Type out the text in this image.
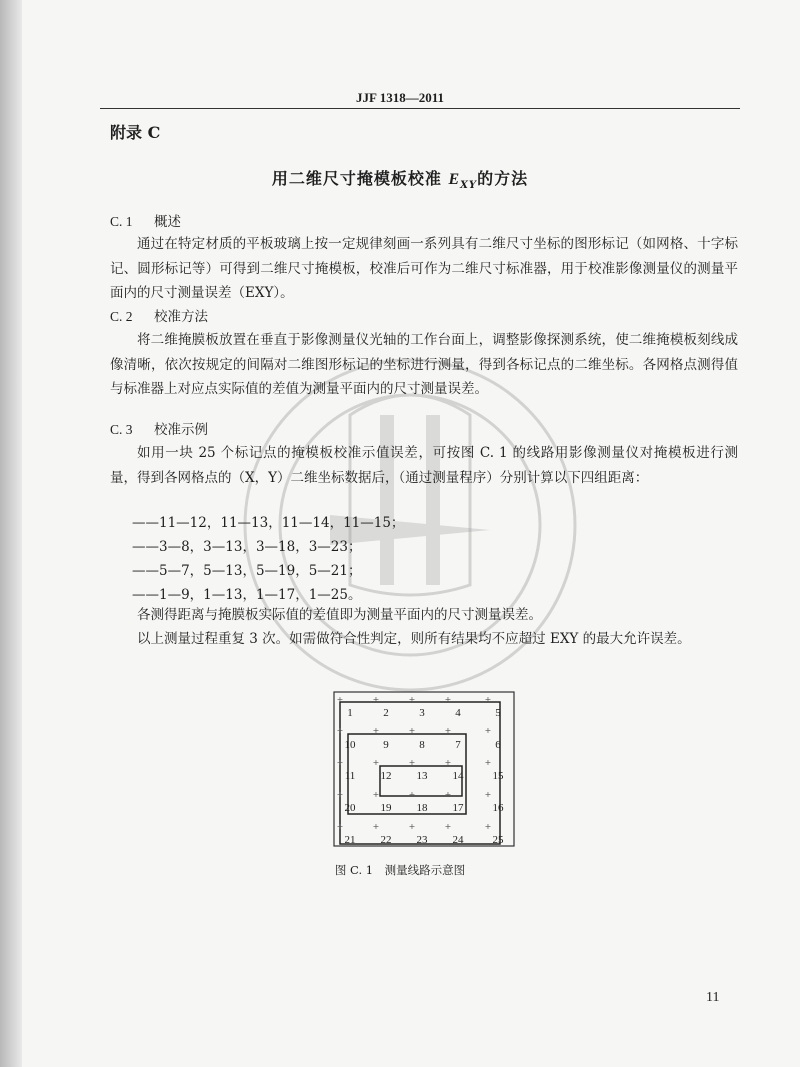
JJF 1318—2011
附录 C
用二维尺寸掩模板校准 $E_{XY}$的方法
C. 1 概述
通过在特定材质的平板玻璃上按一定规律刻画一系列具有二维尺寸坐标的图形标记（如网格、十字标记、圆形标记等）可得到二维尺寸掩模板，校准后可作为二维尺寸标准器，用于校准影像测量仪的测量平面内的尺寸测量误差（EXY）。
C. 2 校准方法
将二维掩膜板放置在垂直于影像测量仪光轴的工作台面上，调整影像探测系统，使二维掩模板刻线成像清晰，依次按规定的间隔对二维图形标记的坐标进行测量，得到各标记点的二维坐标。各网格点测得值与标准器上对应点实际值的差值为测量平面内的尺寸测量误差。
C. 3 校准示例
如用一块 25 个标记点的掩模板校准示值误差，可按图 C. 1 的线路用影像测量仪对掩模板进行测量，得到各网格点的（X，Y）二维坐标数据后，（通过测量程序）分别计算以下四组距离：
——11—12，11—13，11—14，11—15；
——3—8，3—13，3—18，3—23；
——5—7，5—13，5—19，5—21；
——1—9，1—13，1—17，1—25。
各测得距离与掩膜板实际值的差值即为测量平面内的尺寸测量误差。
以上测量过程重复 3 次。如需做符合性判定，则所有结果均不应超过 EXY 的最大允许误差。
1
+
2
+
3
+
4
+
5
+
10
+
9
+
8
+
7
+
6
+
11
+
12
+
13
+
14
+
15
+
20
+
19
+
18
+
17
+
16
+
21
+
22
+
23
+
24
+
25
+
图 C. 1　测量线路示意图
11
